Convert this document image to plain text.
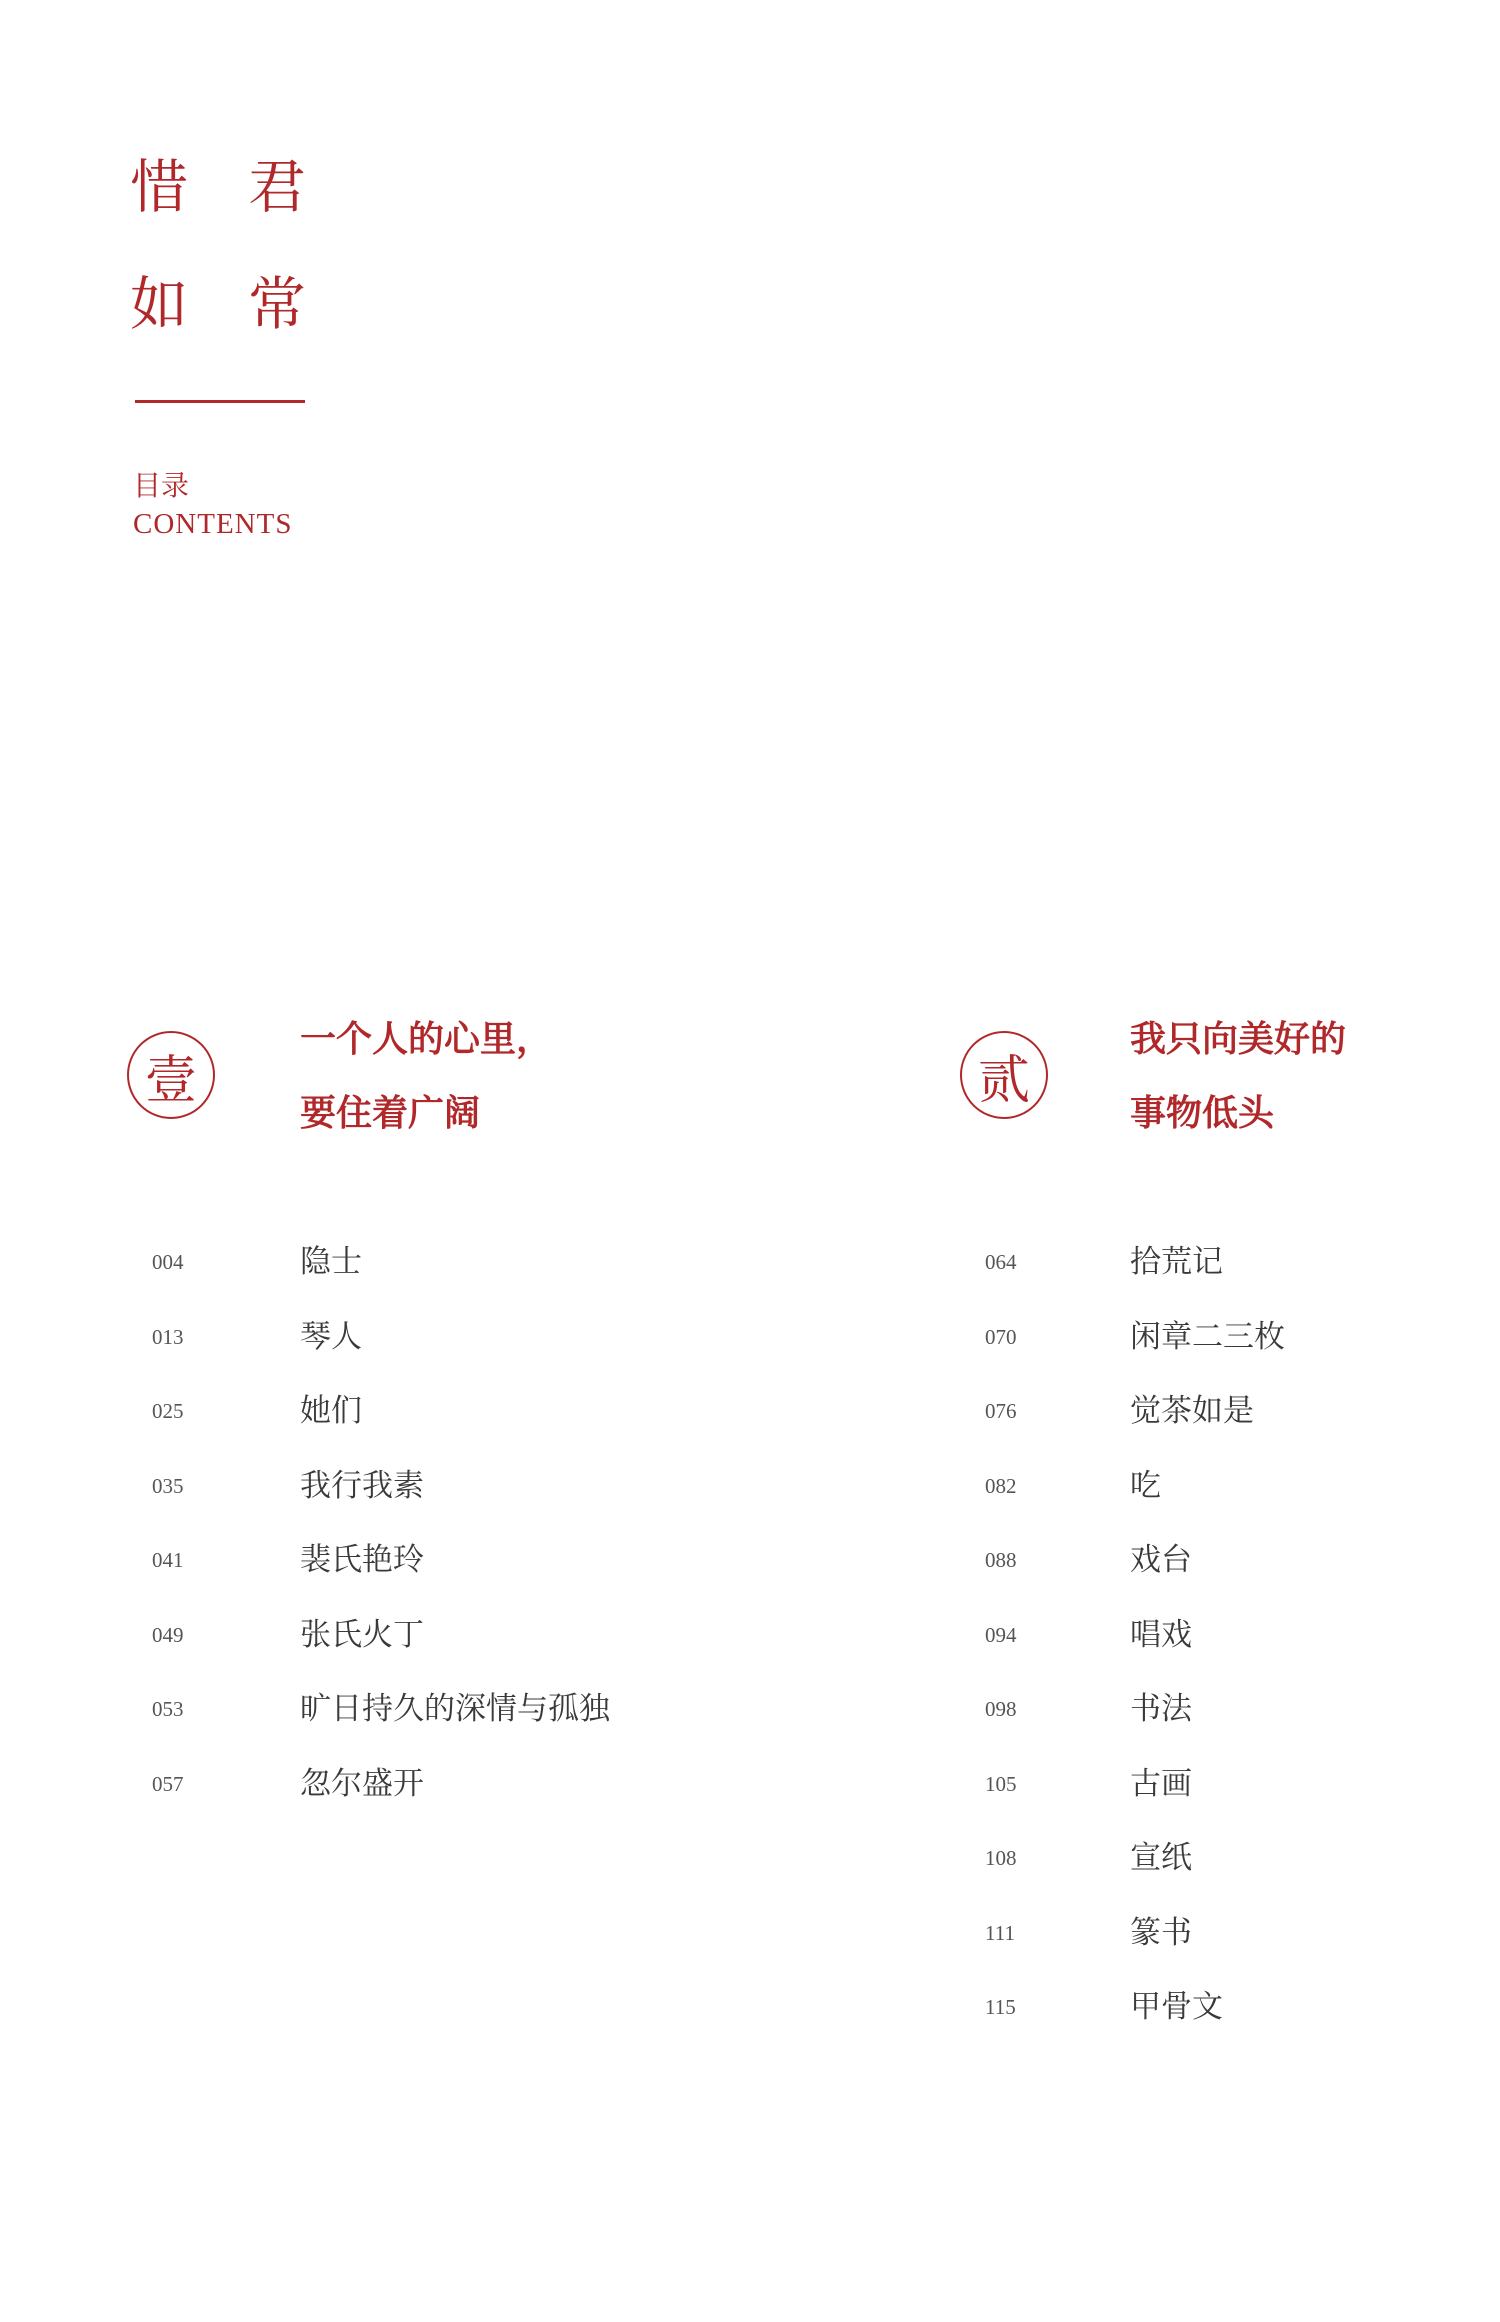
惜 君
如 常
目录
CONTENTS
壹
一个人的心里，
要住着广阔
004	隐士
013	琴人
025	她们
035	我行我素
041	裴氏艳玲
049	张氏火丁
053	旷日持久的深情与孤独
057	忽尔盛开
贰
我只向美好的
事物低头
064	拾荒记
070	闲章二三枚
076	觉茶如是
082	吃
088	戏台
094	唱戏
098	书法
105	古画
108	宣纸
111	篆书
115	甲骨文
